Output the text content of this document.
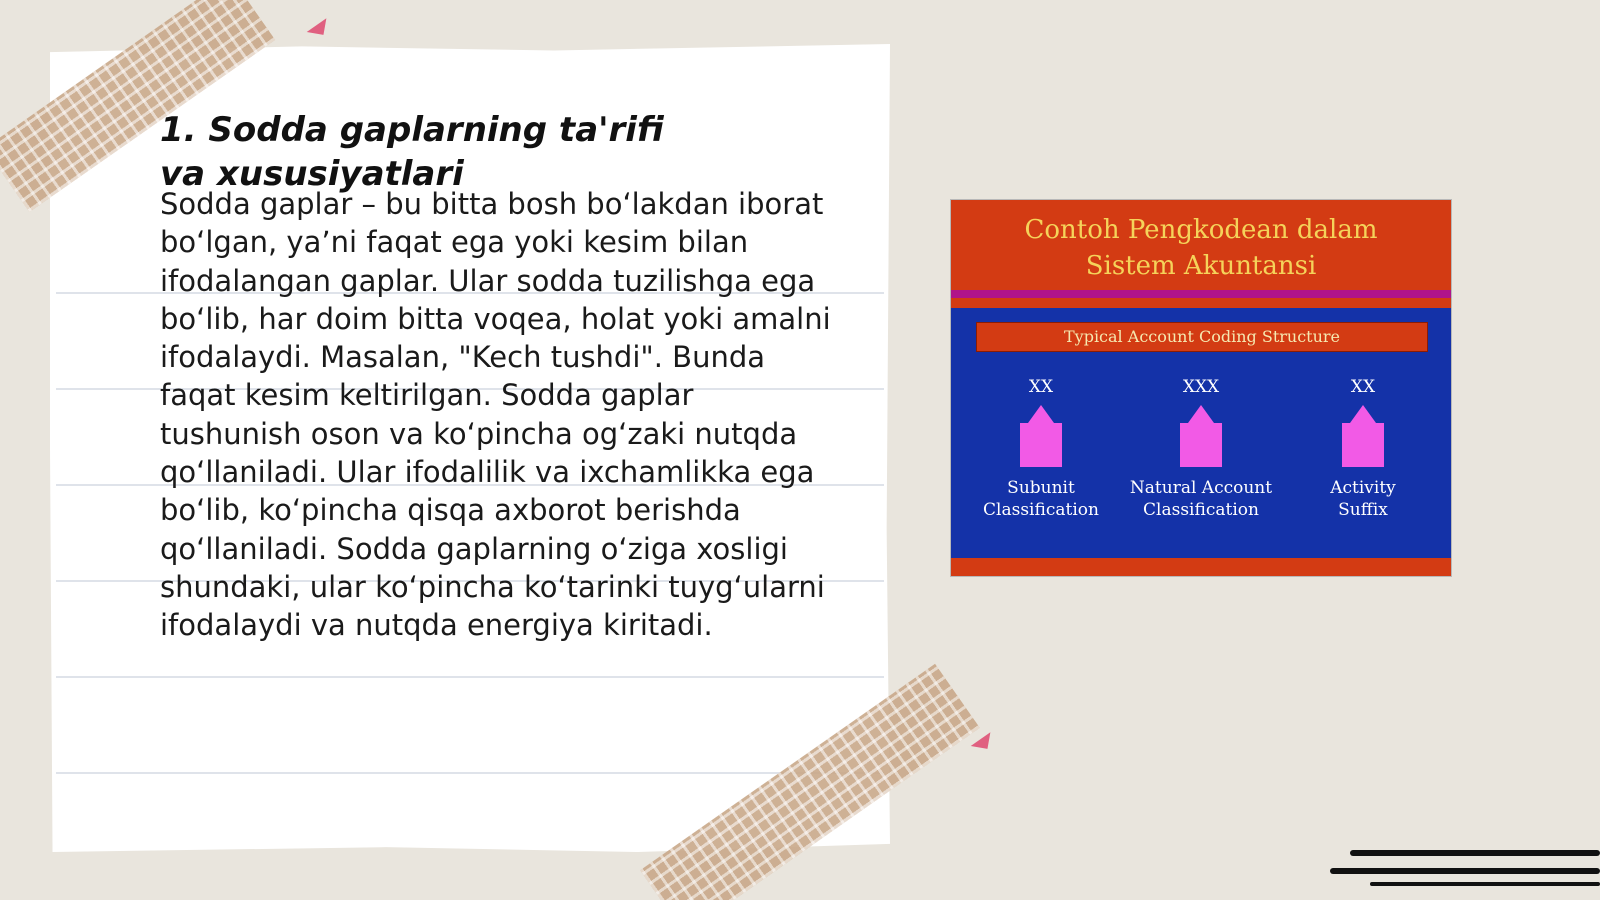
1. Sodda gaplarning ta'rifi va xususiyatlari

Sodda gaplar – bu bitta bosh bo‘lakdan iborat bo‘lgan, ya’ni faqat ega yoki kesim bilan ifodalangan gaplar. Ular sodda tuzilishga ega bo‘lib, har doim bitta voqea, holat yoki amalni ifodalaydi. Masalan, "Kech tushdi". Bunda faqat kesim keltirilgan. Sodda gaplar tushunish oson va ko‘pincha og‘zaki nutqda qo‘llaniladi. Ular ifodalilik va ixchamlikka ega bo‘lib, ko‘pincha qisqa axborot berishda qo‘llaniladi. Sodda gaplarning o‘ziga xosligi shundaki, ular ko‘pincha ko‘tarinki tuyg‘ularni ifodalaydi va nutqda energiya kiritadi.

Contoh Pengkodean dalam
Sistem Akuntansi
Typical Account Coding Structure
XX
Subunit
Classification
XXX
Natural Account
Classification
XX
Activity
Suffix
